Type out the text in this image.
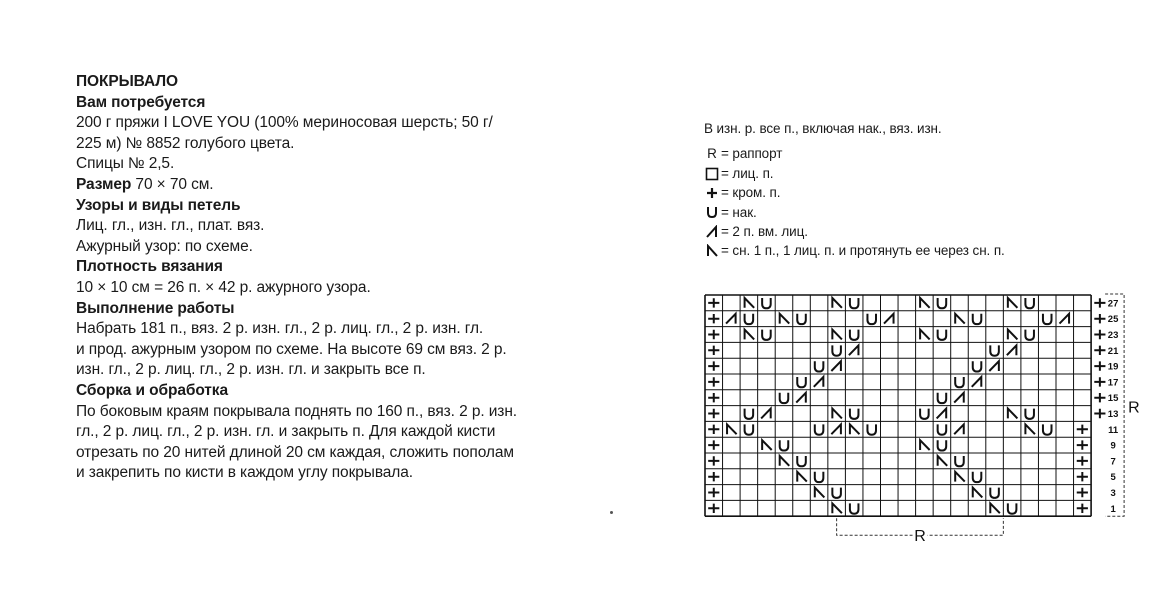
ПОКРЫВАЛО
Вам потребуется
200 г пряжи I LOVE YOU (100% мериносовая шерсть; 50 г/
225 м) № 8852 голубого цвета.
Спицы № 2,5.
Размер 70 × 70 см.
Узоры и виды петель
Лиц. гл., изн. гл., плат. вяз.
Ажурный узор: по схеме.
Плотность вязания
10 × 10 см = 26 п. × 42 р. ажурного узора.
Выполнение работы
Набрать 181 п., вяз. 2 р. изн. гл., 2 р. лиц. гл., 2 р. изн. гл.
и прод. ажурным узором по схеме. На высоте 69 см вяз. 2 р.
изн. гл., 2 р. лиц. гл., 2 р. изн. гл. и закрыть все п.
Сборка и обработка
По боковым краям покрывала поднять по 160 п., вяз. 2 р. изн.
гл., 2 р. лиц. гл., 2 р. изн. гл. и закрыть п. Для каждой кисти
отрезать по 20 нитей длиной 20 см каждая, сложить пополам
и закрепить по кисти в каждом углу покрывала.
В изн. р. все п., включая нак., вяз. изн.
R = раппорт
= лиц. п.
= кром. п.
= нак.
= 2 п. вм. лиц.
= сн. 1 п., 1 лиц. п. и протянуть ее через сн. п.
27
25
23
21
19
17
15
13
11
9
7
5
3
1
R
R
